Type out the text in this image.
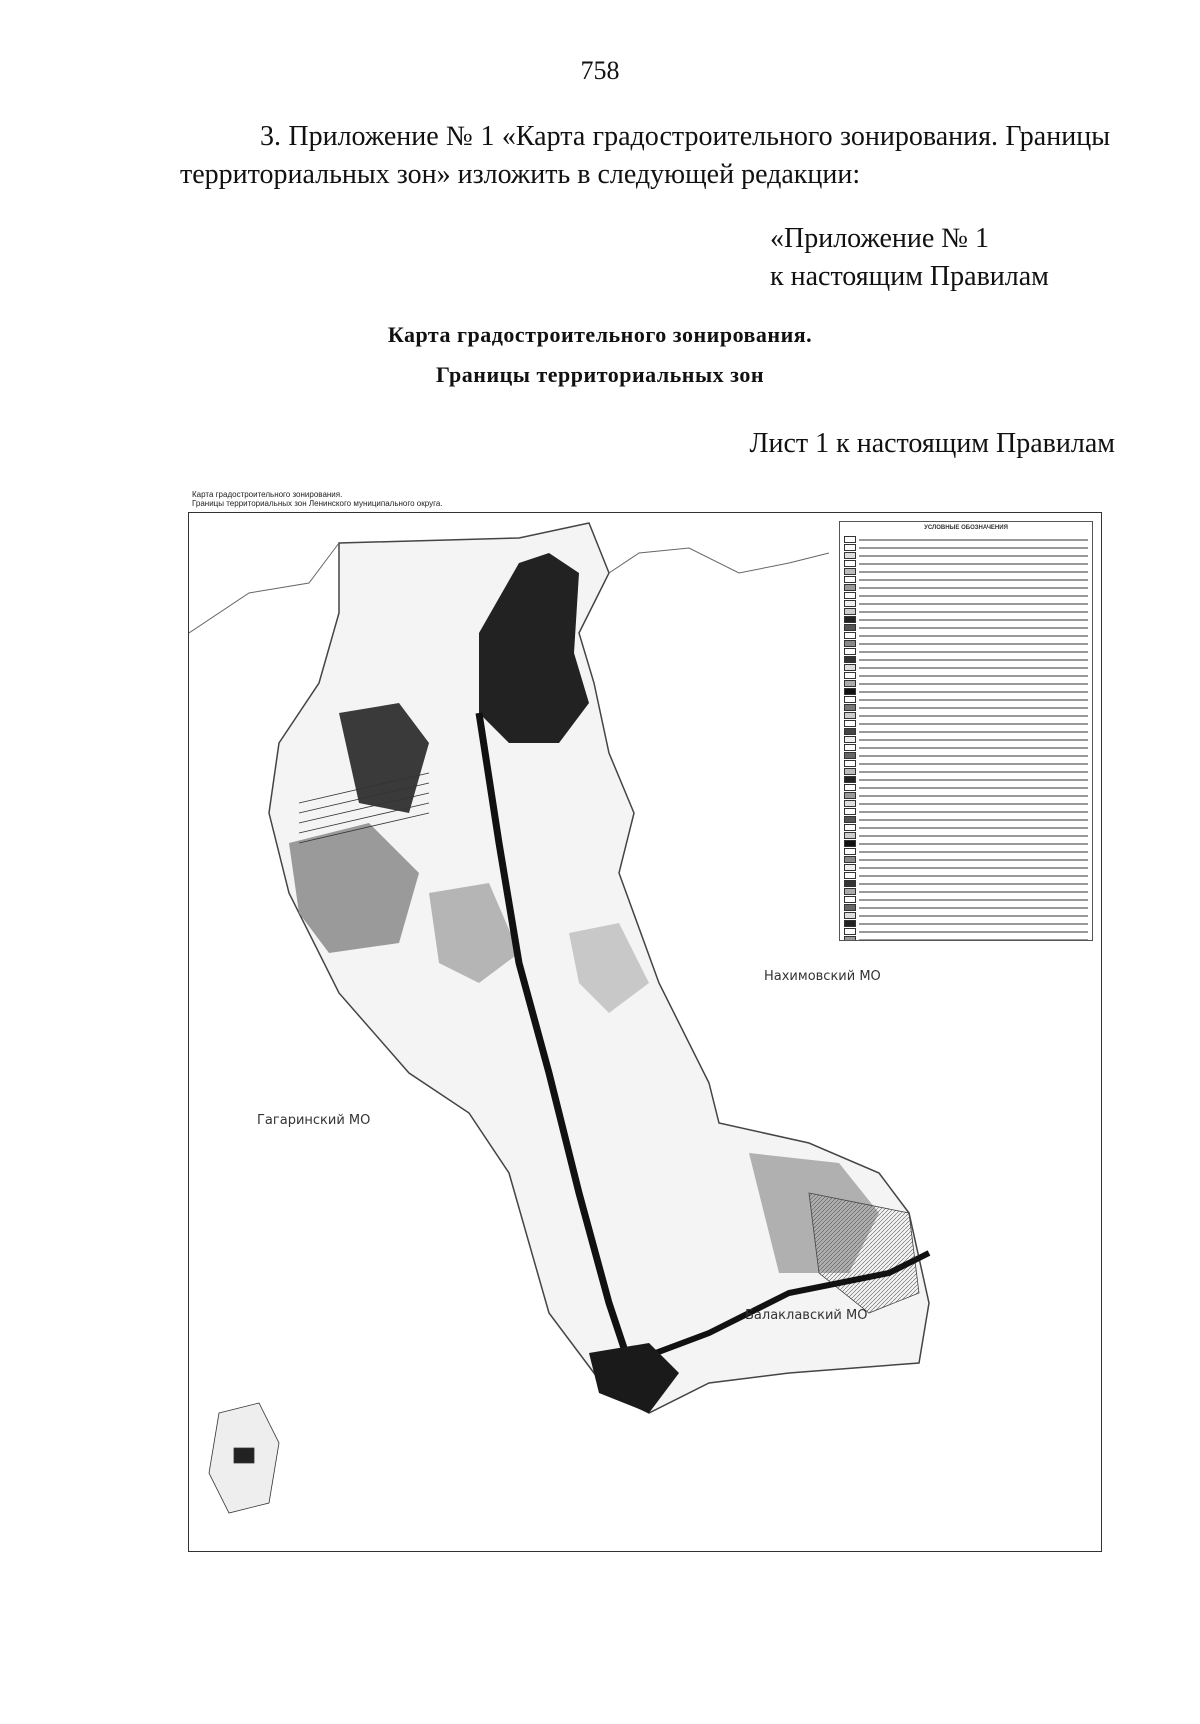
758
3. Приложение № 1 «Карта градостроительного зонирования. Границы территориальных зон» изложить в следующей редакции:
«Приложение № 1
к настоящим Правилам
Карта градостроительного зонирования.
Границы территориальных зон
Лист 1 к настоящим Правилам
Карта градостроительного зонирования.
Границы территориальных зон Ленинского муниципального округа.
УСЛОВНЫЕ ОБОЗНАЧЕНИЯ
Нахимовский МО
Гагаринский МО
Балаклавский МО
